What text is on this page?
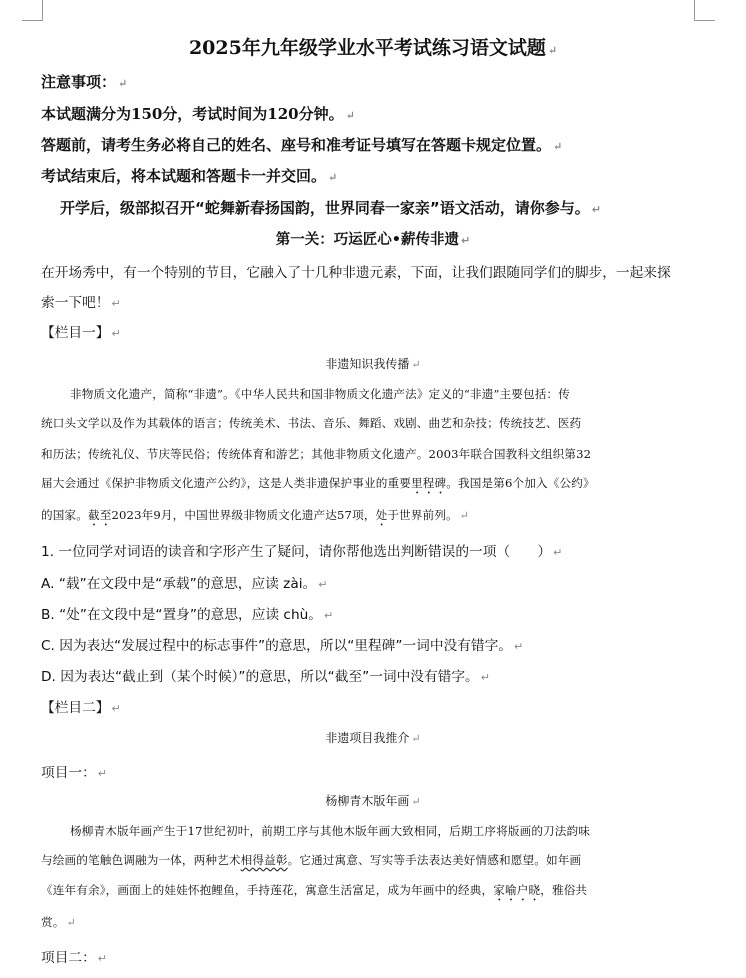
2025年九年级学业水平考试练习语文试题 ↵
注意事项： ↵
本试题满分为150分，考试时间为120分钟。 ↵
答题前，请考生务必将自己的姓名、座号和准考证号填写在答题卡规定位置。 ↵
考试结束后，将本试题和答题卡一并交回。 ↵
开学后，级部拟召开“蛇舞新春扬国韵，世界同春一家亲”语文活动，请你参与。 ↵
第一关：巧运匠心•薪传非遗 ↵
在开场秀中，有一个特别的节目，它融入了十几种非遗元素，下面，让我们跟随同学们的脚步，一起来探
索一下吧！ ↵
【栏目一】 ↵
非遗知识我传播 ↵
非物质文化遗产，简称“非遗”。《中华人民共和国非物质文化遗产法》定义的“非遗”主要包括：传
统口头文学以及作为其载体的语言；传统美术、书法、音乐、舞蹈、戏剧、曲艺和杂技；传统技艺、医药
和历法；传统礼仪、节庆等民俗；传统体育和游艺；其他非物质文化遗产。2003年联合国教科文组织第32
届大会通过《保护非物质文化遗产公约》，这是人类非遗保护事业的重要里程碑。我国是第6个加入《公约》
的国家。截至2023年9月，中国世界级非物质文化遗产达57项，处于世界前列。 ↵
1. 一位同学对词语的读音和字形产生了疑问，请你帮他选出判断错误的一项（　　） ↵
A. “载”在文段中是“承载”的意思，应读 zài。 ↵
B. “处”在文段中是“置身”的意思，应读 chù。 ↵
C. 因为表达“发展过程中的标志事件”的意思，所以“里程碑”一词中没有错字。 ↵
D. 因为表达“截止到（某个时候）”的意思，所以“截至”一词中没有错字。 ↵
【栏目二】 ↵
非遗项目我推介 ↵
项目一： ↵
杨柳青木版年画 ↵
杨柳青木版年画产生于17世纪初叶，前期工序与其他木版年画大致相同，后期工序将版画的刀法韵味
与绘画的笔触色调融为一体，两种艺术相得益彰。它通过寓意、写实等手法表达美好情感和愿望。如年画
《连年有余》，画面上的娃娃怀抱鲤鱼，手持莲花，寓意生活富足，成为年画中的经典，家喻户晓，雅俗共
赏。 ↵
项目二： ↵
